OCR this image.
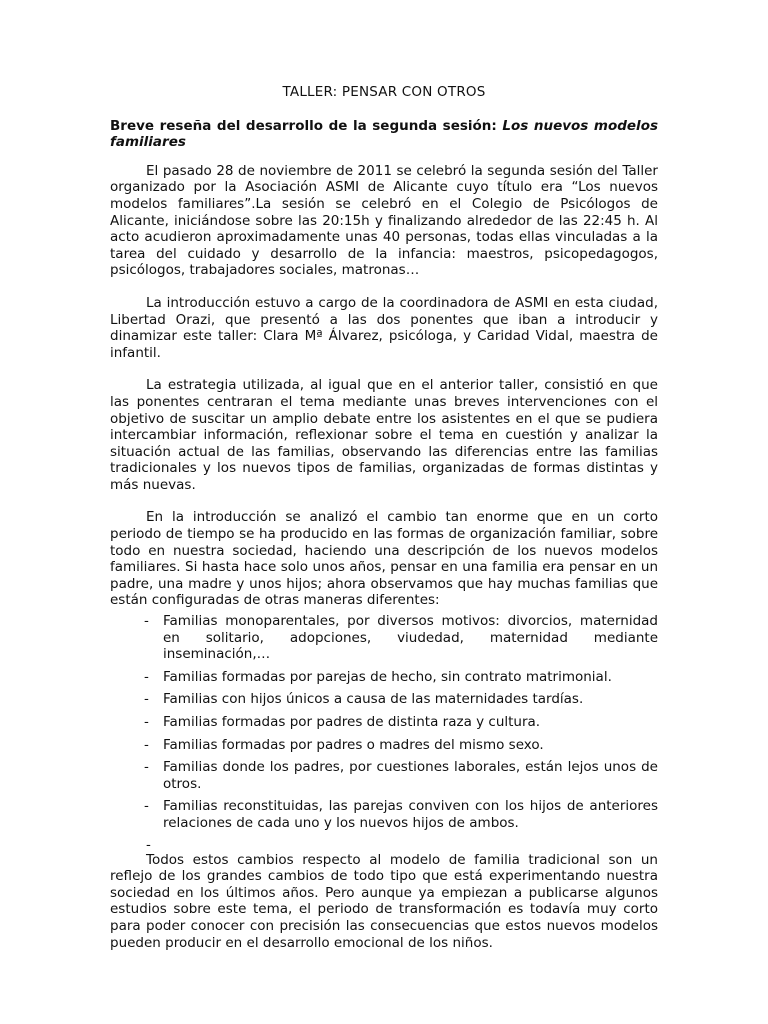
TALLER: PENSAR CON OTROS
Breve reseña del desarrollo de la segunda sesión: Los nuevos modelos familiares

El pasado 28 de noviembre de 2011 se celebró la segunda sesión del Taller organizado por la Asociación ASMI de Alicante cuyo título era “Los nuevos modelos familiares”.La sesión se celebró en el Colegio de Psicólogos de Alicante, iniciándose sobre las 20:15h y finalizando alrededor de las 22:45 h. Al acto acudieron aproximadamente unas 40 personas, todas ellas vinculadas a la tarea del cuidado y desarrollo de la infancia: maestros, psicopedagogos, psicólogos, trabajadores sociales, matronas…

La introducción estuvo a cargo de la coordinadora de ASMI en esta ciudad, Libertad Orazi, que presentó a las dos ponentes que iban a introducir y dinamizar este taller: Clara Mª Álvarez, psicóloga, y Caridad Vidal, maestra de infantil.

La estrategia utilizada, al igual que en el anterior taller, consistió en que las ponentes centraran el tema mediante unas breves intervenciones con el objetivo de suscitar un amplio debate entre los asistentes en el que se pudiera intercambiar información, reflexionar sobre el tema en cuestión y analizar la situación actual de las familias, observando las diferencias entre las familias tradicionales y los nuevos tipos de familias, organizadas de formas distintas y más nuevas.

En la introducción se analizó el cambio tan enorme que en un corto periodo de tiempo se ha producido en las formas de organización familiar, sobre todo en nuestra sociedad, haciendo una descripción de los nuevos modelos familiares. Si hasta hace solo unos años, pensar en una familia era pensar en un padre, una madre y unos hijos; ahora observamos que hay muchas familias que están configuradas de otras maneras diferentes:

- Familias monoparentales, por diversos motivos: divorcios, maternidad en solitario, adopciones, viudedad, maternidad mediante inseminación,…
- Familias formadas por parejas de hecho, sin contrato matrimonial.
- Familias con hijos únicos a causa de las maternidades tardías.
- Familias formadas por padres de distinta raza y cultura.
- Familias formadas por padres o madres del mismo sexo.
- Familias donde los padres, por cuestiones laborales, están lejos unos de otros.
- Familias reconstituidas, las parejas conviven con los hijos de anteriores relaciones de cada uno y los nuevos hijos de ambos.
-

Todos estos cambios respecto al modelo de familia tradicional son un reflejo de los grandes cambios de todo tipo que está experimentando nuestra sociedad en los últimos años. Pero aunque ya empiezan a publicarse algunos estudios sobre este tema, el periodo de transformación es todavía muy corto para poder conocer con precisión las consecuencias que estos nuevos modelos pueden producir en el desarrollo emocional de los niños.
